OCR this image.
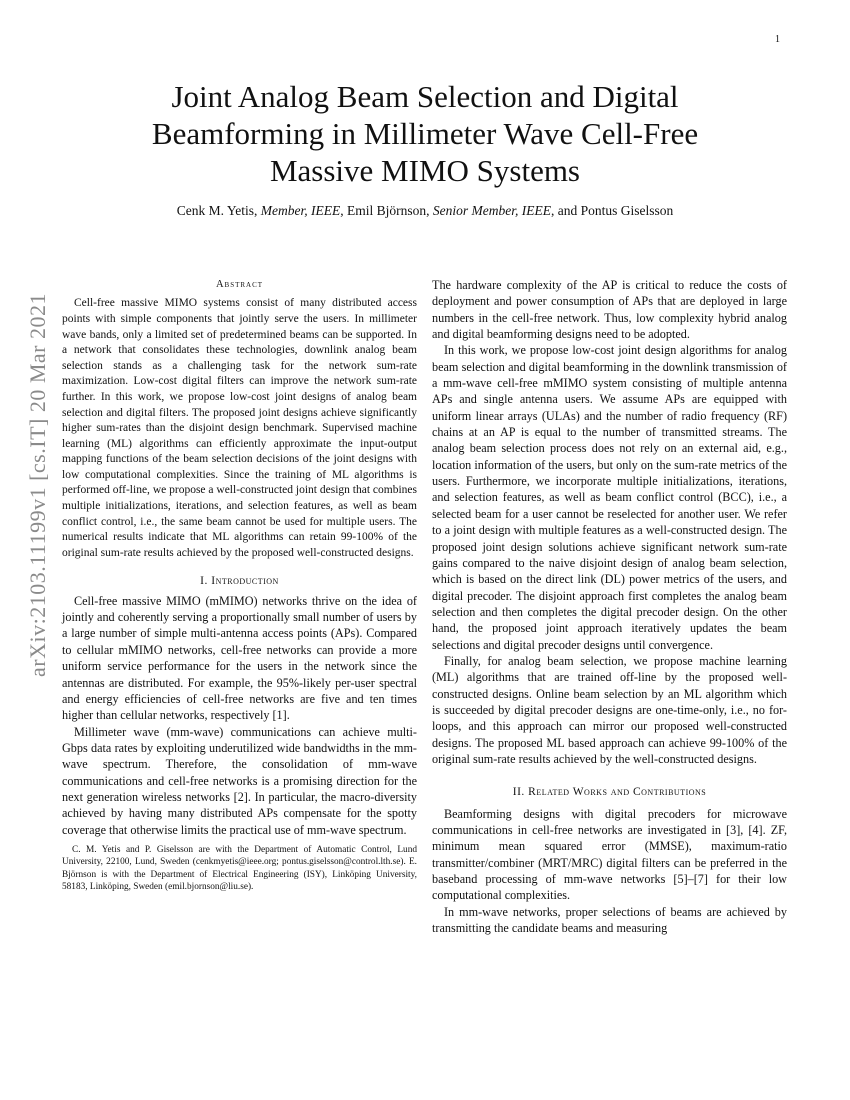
1
arXiv:2103.11199v1 [cs.IT] 20 Mar 2021
Joint Analog Beam Selection and Digital Beamforming in Millimeter Wave Cell-Free Massive MIMO Systems
Cenk M. Yetis, Member, IEEE, Emil Björnson, Senior Member, IEEE, and Pontus Giselsson
Abstract

Cell-free massive MIMO systems consist of many distributed access points with simple components that jointly serve the users. In millimeter wave bands, only a limited set of predetermined beams can be supported. In a network that consolidates these technologies, downlink analog beam selection stands as a challenging task for the network sum-rate maximization. Low-cost digital filters can improve the network sum-rate further. In this work, we propose low-cost joint designs of analog beam selection and digital filters. The proposed joint designs achieve significantly higher sum-rates than the disjoint design benchmark. Supervised machine learning (ML) algorithms can efficiently approximate the input-output mapping functions of the beam selection decisions of the joint designs with low computational complexities. Since the training of ML algorithms is performed off-line, we propose a well-constructed joint design that combines multiple initializations, iterations, and selection features, as well as beam conflict control, i.e., the same beam cannot be used for multiple users. The numerical results indicate that ML algorithms can retain 99-100% of the original sum-rate results achieved by the proposed well-constructed designs.

I. Introduction

Cell-free massive MIMO (mMIMO) networks thrive on the idea of jointly and coherently serving a proportionally small number of users by a large number of simple multi-antenna access points (APs). Compared to cellular mMIMO networks, cell-free networks can provide a more uniform service performance for the users in the network since the antennas are distributed. For example, the 95%-likely per-user spectral and energy efficiencies of cell-free networks are five and ten times higher than cellular networks, respectively [1].

Millimeter wave (mm-wave) communications can achieve multi-Gbps data rates by exploiting underutilized wide bandwidths in the mm-wave spectrum. Therefore, the consolidation of mm-wave communications and cell-free networks is a promising direction for the next generation wireless networks [2]. In particular, the macro-diversity achieved by having many distributed APs compensate for the spotty coverage that otherwise limits the practical use of mm-wave spectrum.

C. M. Yetis and P. Giselsson are with the Department of Automatic Control, Lund University, 22100, Lund, Sweden (cenkmyetis@ieee.org; pontus.giselsson@control.lth.se). E. Björnson is with the Department of Electrical Engineering (ISY), Linköping University, 58183, Linköping, Sweden (emil.bjornson@liu.se).

The hardware complexity of the AP is critical to reduce the costs of deployment and power consumption of APs that are deployed in large numbers in the cell-free network. Thus, low complexity hybrid analog and digital beamforming designs need to be adopted.

In this work, we propose low-cost joint design algorithms for analog beam selection and digital beamforming in the downlink transmission of a mm-wave cell-free mMIMO system consisting of multiple antenna APs and single antenna users. We assume APs are equipped with uniform linear arrays (ULAs) and the number of radio frequency (RF) chains at an AP is equal to the number of transmitted streams. The analog beam selection process does not rely on an external aid, e.g., location information of the users, but only on the sum-rate metrics of the users. Furthermore, we incorporate multiple initializations, iterations, and selection features, as well as beam conflict control (BCC), i.e., a selected beam for a user cannot be reselected for another user. We refer to a joint design with multiple features as a well-constructed design. The proposed joint design solutions achieve significant network sum-rate gains compared to the naive disjoint design of analog beam selection, which is based on the direct link (DL) power metrics of the users, and digital precoder. The disjoint approach first completes the analog beam selection and then completes the digital precoder design. On the other hand, the proposed joint approach iteratively updates the beam selections and digital precoder designs until convergence.

Finally, for analog beam selection, we propose machine learning (ML) algorithms that are trained off-line by the proposed well-constructed designs. Online beam selection by an ML algorithm which is succeeded by digital precoder designs are one-time-only, i.e., no for-loops, and this approach can mirror our proposed well-constructed designs. The proposed ML based approach can achieve 99-100% of the original sum-rate results achieved by the well-constructed designs.

II. Related Works and Contributions

Beamforming designs with digital precoders for microwave communications in cell-free networks are investigated in [3], [4]. ZF, minimum mean squared error (MMSE), maximum-ratio transmitter/combiner (MRT/MRC) digital filters can be preferred in the baseband processing of mm-wave networks [5]–[7] for their low computational complexities.

In mm-wave networks, proper selections of beams are achieved by transmitting the candidate beams and measuring
